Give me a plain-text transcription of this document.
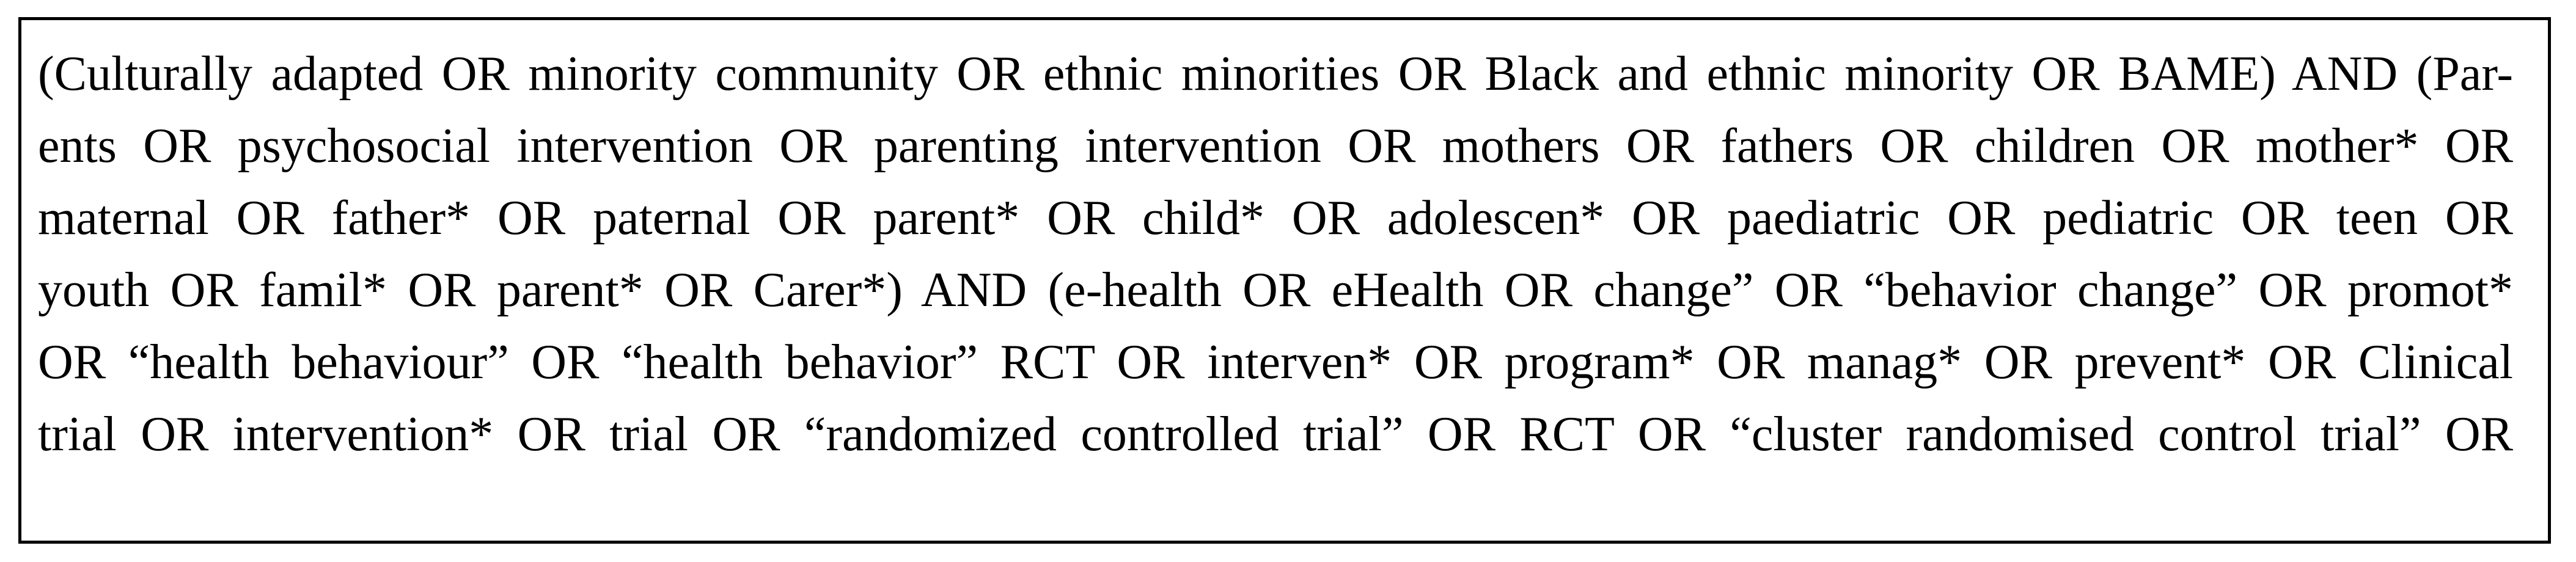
(Culturally adapted OR minority community OR ethnic minorities OR Black and ethnic minority OR BAME) AND (Par-
ents OR psychosocial intervention OR parenting intervention OR mothers OR fathers OR children OR mother* OR
maternal OR father* OR paternal OR parent* OR child* OR adolescen* OR paediatric OR pediatric OR teen OR
youth OR famil* OR parent* OR Carer*) AND (e-health OR eHealth OR change” OR “behavior change” OR promot*
OR “health behaviour” OR “health behavior” RCT OR interven* OR program* OR manag* OR prevent* OR Clinical
trial OR intervention* OR trial OR “randomized controlled trial” OR RCT OR “cluster randomised control trial” OR
